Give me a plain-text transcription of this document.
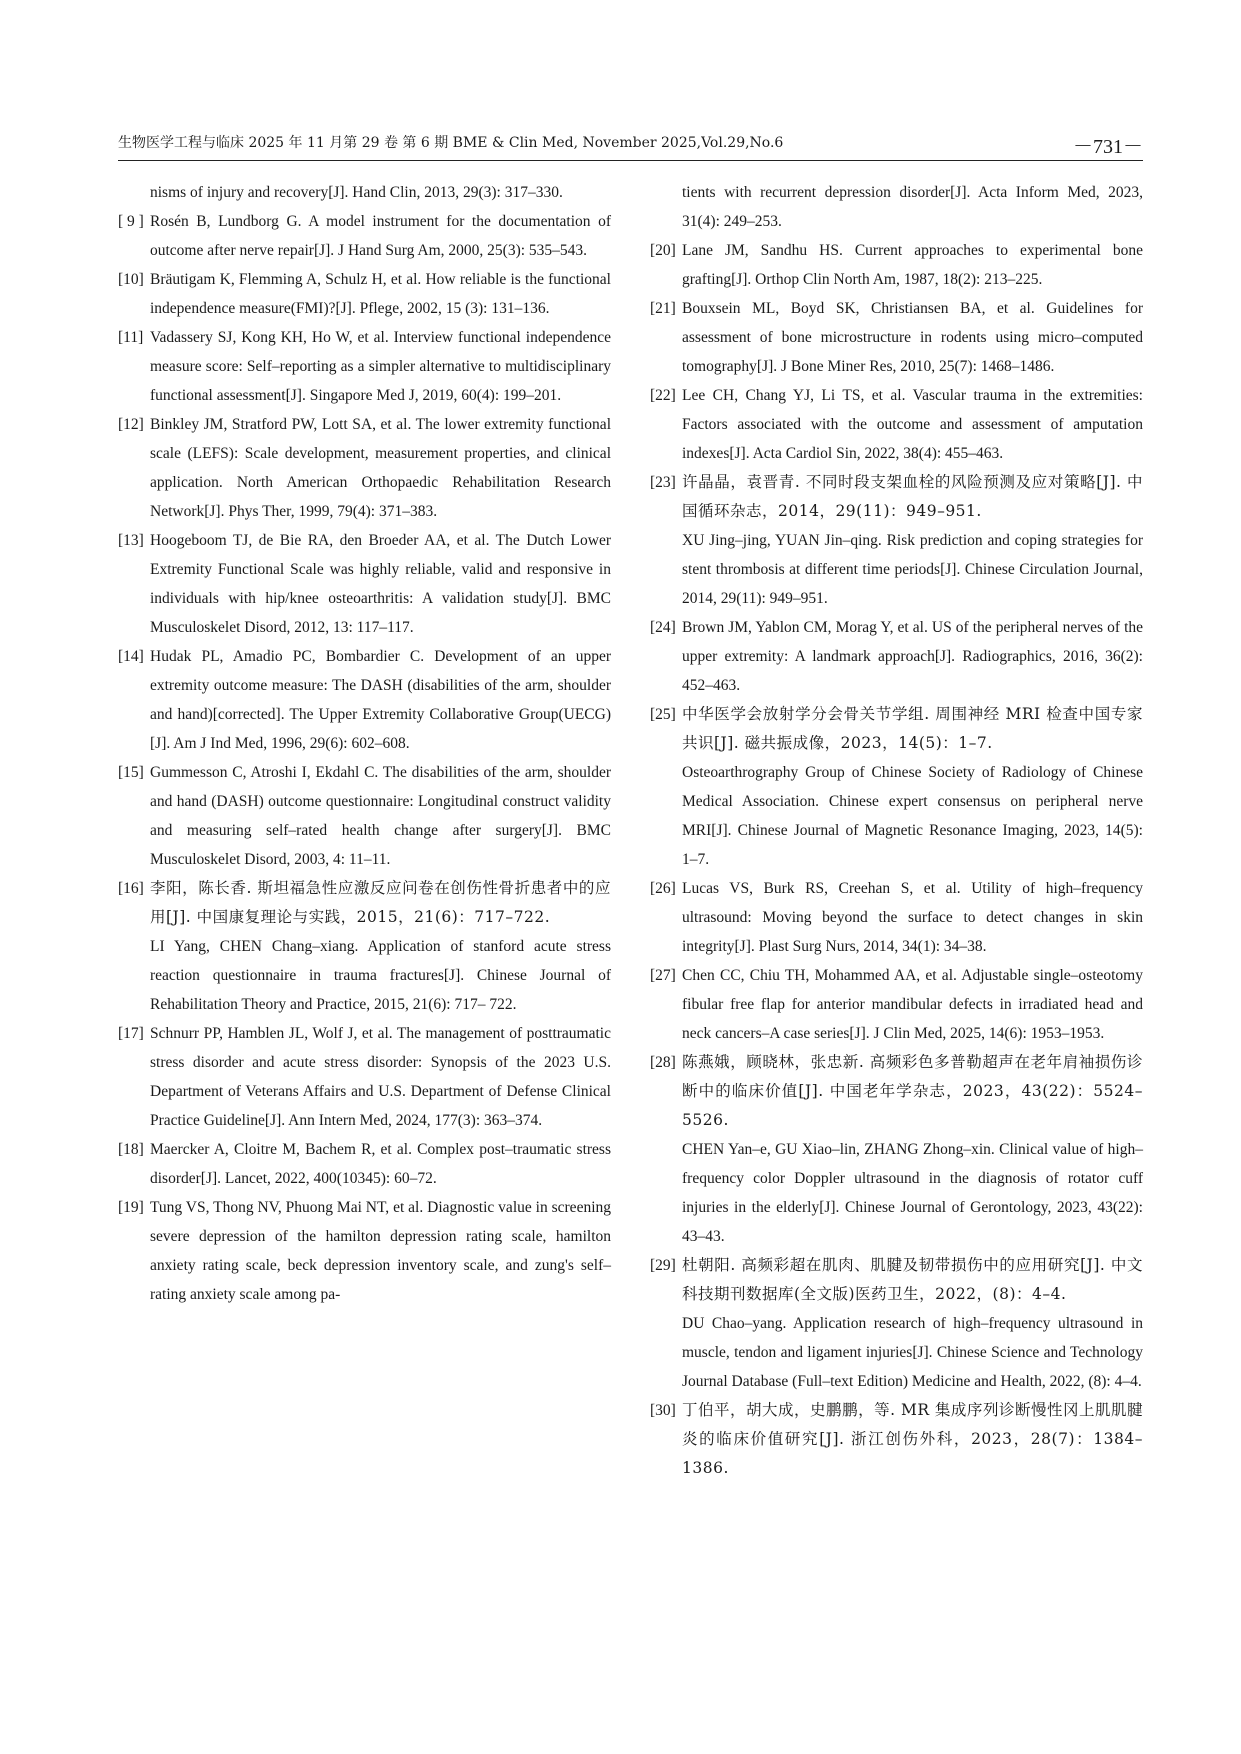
生物医学工程与临床 2025 年 11 月第 29 卷 第 6 期 BME & Clin Med, November 2025,Vol.29,No.6	－731－
nisms of injury and recovery[J]. Hand Clin, 2013, 29(3): 317–330.
[ 9 ] Rosén B, Lundborg G. A model instrument for the documentation of outcome after nerve repair[J]. J Hand Surg Am, 2000, 25(3): 535–543.

[10] Bräutigam K, Flemming A, Schulz H, et al. How reliable is the functional independence measure(FMI)?[J]. Pflege, 2002, 15 (3): 131–136.

[11] Vadassery SJ, Kong KH, Ho W, et al. Interview functional independence measure score: Self–reporting as a simpler alternative to multidisciplinary functional assessment[J]. Singapore Med J, 2019, 60(4): 199–201.

[12] Binkley JM, Stratford PW, Lott SA, et al. The lower extremity functional scale (LEFS): Scale development, measurement properties, and clinical application. North American Orthopaedic Rehabilitation Research Network[J]. Phys Ther, 1999, 79(4): 371–383.

[13] Hoogeboom TJ, de Bie RA, den Broeder AA, et al. The Dutch Lower Extremity Functional Scale was highly reliable, valid and responsive in individuals with hip/knee osteoarthritis: A validation study[J]. BMC Musculoskelet Disord, 2012, 13: 117–117.

[14] Hudak PL, Amadio PC, Bombardier C. Development of an upper extremity outcome measure: The DASH (disabilities of the arm, shoulder and hand)[corrected]. The Upper Extremity Collaborative Group(UECG)[J]. Am J Ind Med, 1996, 29(6): 602–608.

[15] Gummesson C, Atroshi I, Ekdahl C. The disabilities of the arm, shoulder and hand (DASH) outcome questionnaire: Longitudinal construct validity and measuring self–rated health change after surgery[J]. BMC Musculoskelet Disord, 2003, 4: 11–11.

[16] 李阳，陈长香. 斯坦福急性应激反应问卷在创伤性骨折患者中的应用[J]. 中国康复理论与实践，2015，21(6)：717–722.

LI Yang, CHEN Chang–xiang. Application of stanford acute stress reaction questionnaire in trauma fractures[J]. Chinese Journal of Rehabilitation Theory and Practice, 2015, 21(6): 717– 722.

[17] Schnurr PP, Hamblen JL, Wolf J, et al. The management of posttraumatic stress disorder and acute stress disorder: Synopsis of the 2023 U.S. Department of Veterans Affairs and U.S. Department of Defense Clinical Practice Guideline[J]. Ann Intern Med, 2024, 177(3): 363–374.

[18] Maercker A, Cloitre M, Bachem R, et al. Complex post–traumatic stress disorder[J]. Lancet, 2022, 400(10345): 60–72.

[19] Tung VS, Thong NV, Phuong Mai NT, et al. Diagnostic value in screening severe depression of the hamilton depression rating scale, hamilton anxiety rating scale, beck depression inventory scale, and zung's self–rating anxiety scale among pa-

tients with recurrent depression disorder[J]. Acta Inform Med, 2023, 31(4): 249–253.
[20] Lane JM, Sandhu HS. Current approaches to experimental bone grafting[J]. Orthop Clin North Am, 1987, 18(2): 213–225.

[21] Bouxsein ML, Boyd SK, Christiansen BA, et al. Guidelines for assessment of bone microstructure in rodents using micro–computed tomography[J]. J Bone Miner Res, 2010, 25(7): 1468–1486.

[22] Lee CH, Chang YJ, Li TS, et al. Vascular trauma in the extremities: Factors associated with the outcome and assessment of amputation indexes[J]. Acta Cardiol Sin, 2022, 38(4): 455–463.

[23] 许晶晶，袁晋青. 不同时段支架血栓的风险预测及应对策略[J]. 中国循环杂志，2014，29(11)：949–951.

XU Jing–jing, YUAN Jin–qing. Risk prediction and coping strategies for stent thrombosis at different time periods[J]. Chinese Circulation Journal, 2014, 29(11): 949–951.

[24] Brown JM, Yablon CM, Morag Y, et al. US of the peripheral nerves of the upper extremity: A landmark approach[J]. Radiographics, 2016, 36(2): 452–463.

[25] 中华医学会放射学分会骨关节学组. 周围神经 MRI 检查中国专家共识[J]. 磁共振成像，2023，14(5)：1–7.

Osteoarthrography Group of Chinese Society of Radiology of Chinese Medical Association. Chinese expert consensus on peripheral nerve MRI[J]. Chinese Journal of Magnetic Resonance Imaging, 2023, 14(5): 1–7.

[26] Lucas VS, Burk RS, Creehan S, et al. Utility of high–frequency ultrasound: Moving beyond the surface to detect changes in skin integrity[J]. Plast Surg Nurs, 2014, 34(1): 34–38.

[27] Chen CC, Chiu TH, Mohammed AA, et al. Adjustable single–osteotomy fibular free flap for anterior mandibular defects in irradiated head and neck cancers–A case series[J]. J Clin Med, 2025, 14(6): 1953–1953.

[28] 陈燕娥，顾晓林，张忠新. 高频彩色多普勒超声在老年肩袖损伤诊断中的临床价值[J]. 中国老年学杂志，2023，43(22)：5524–5526.

CHEN Yan–e, GU Xiao–lin, ZHANG Zhong–xin. Clinical value of high–frequency color Doppler ultrasound in the diagnosis of rotator cuff injuries in the elderly[J]. Chinese Journal of Gerontology, 2023, 43(22): 43–43.

[29] 杜朝阳. 高频彩超在肌肉、肌腱及韧带损伤中的应用研究[J]. 中文科技期刊数据库(全文版)医药卫生，2022，(8)：4–4.

DU Chao–yang. Application research of high–frequency ultrasound in muscle, tendon and ligament injuries[J]. Chinese Science and Technology Journal Database (Full–text Edition) Medicine and Health, 2022, (8): 4–4.

[30] 丁伯平，胡大成，史鹏鹏，等. MR 集成序列诊断慢性冈上肌肌腱炎的临床价值研究[J]. 浙江创伤外科，2023，28(7)：1384–1386.
